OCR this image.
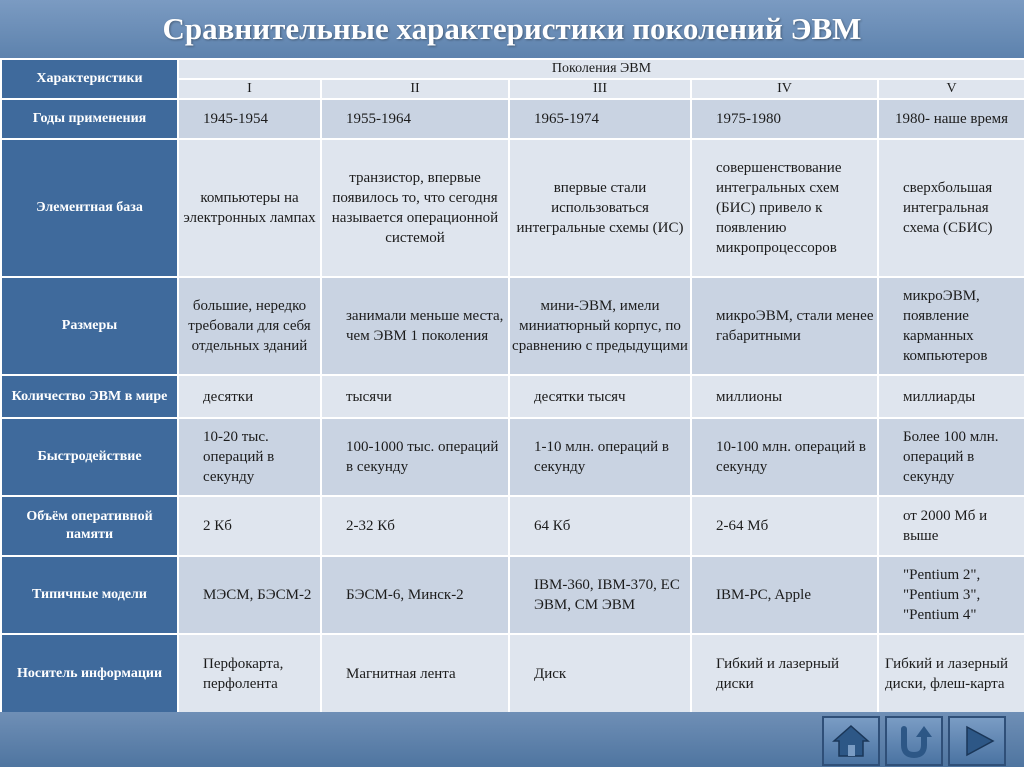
Сравнительные характеристики поколений ЭВМ
Характеристики	Поколения ЭВМ				
	I	II	III	IV	V
Годы применения	1945-1954	1955-1964	1965-1974	1975-1980	1980- наше время
Элементная база	компьютеры на электронных лампах	транзистор, впервые появилось то, что сегодня называется операционной системой	впервые стали использоваться интегральные схемы (ИС)	совершенствование интегральных схем (БИС) привело к появлению микропроцессоров	сверхбольшая интегральная схема (СБИС)
Размеры	большие, нередко требовали для себя отдельных зданий	занимали меньше места, чем ЭВМ 1 поколения	мини-ЭВМ, имели миниатюрный корпус, по сравнению с предыдущими	микроЭВМ, стали менее габаритными	микроЭВМ, появление карманных компьютеров
Количество ЭВМ в мире	десятки	тысячи	десятки тысяч	миллионы	миллиарды
Быстродействие	10-20 тыс. операций в секунду	100-1000 тыс. операций в секунду	1-10 млн. операций в секунду	10-100 млн. операций в секунду	Более 100 млн. операций в секунду
Объём оперативной памяти	2 Кб	2-32 Кб	64 Кб	2-64 Мб	от 2000 Мб и выше
Типичные модели	МЭСМ, БЭСМ-2	БЭСМ-6, Минск-2	IBM-360, IBM-370, ЕС ЭВМ, СМ ЭВМ	IBM-PC, Apple	"Pentium 2", "Pentium 3", "Pentium 4"
Носитель информации	Перфокарта, перфолента	Магнитная лента	Диск	Гибкий и лазерный диски	Гибкий и лазерный диски, флеш-карта
